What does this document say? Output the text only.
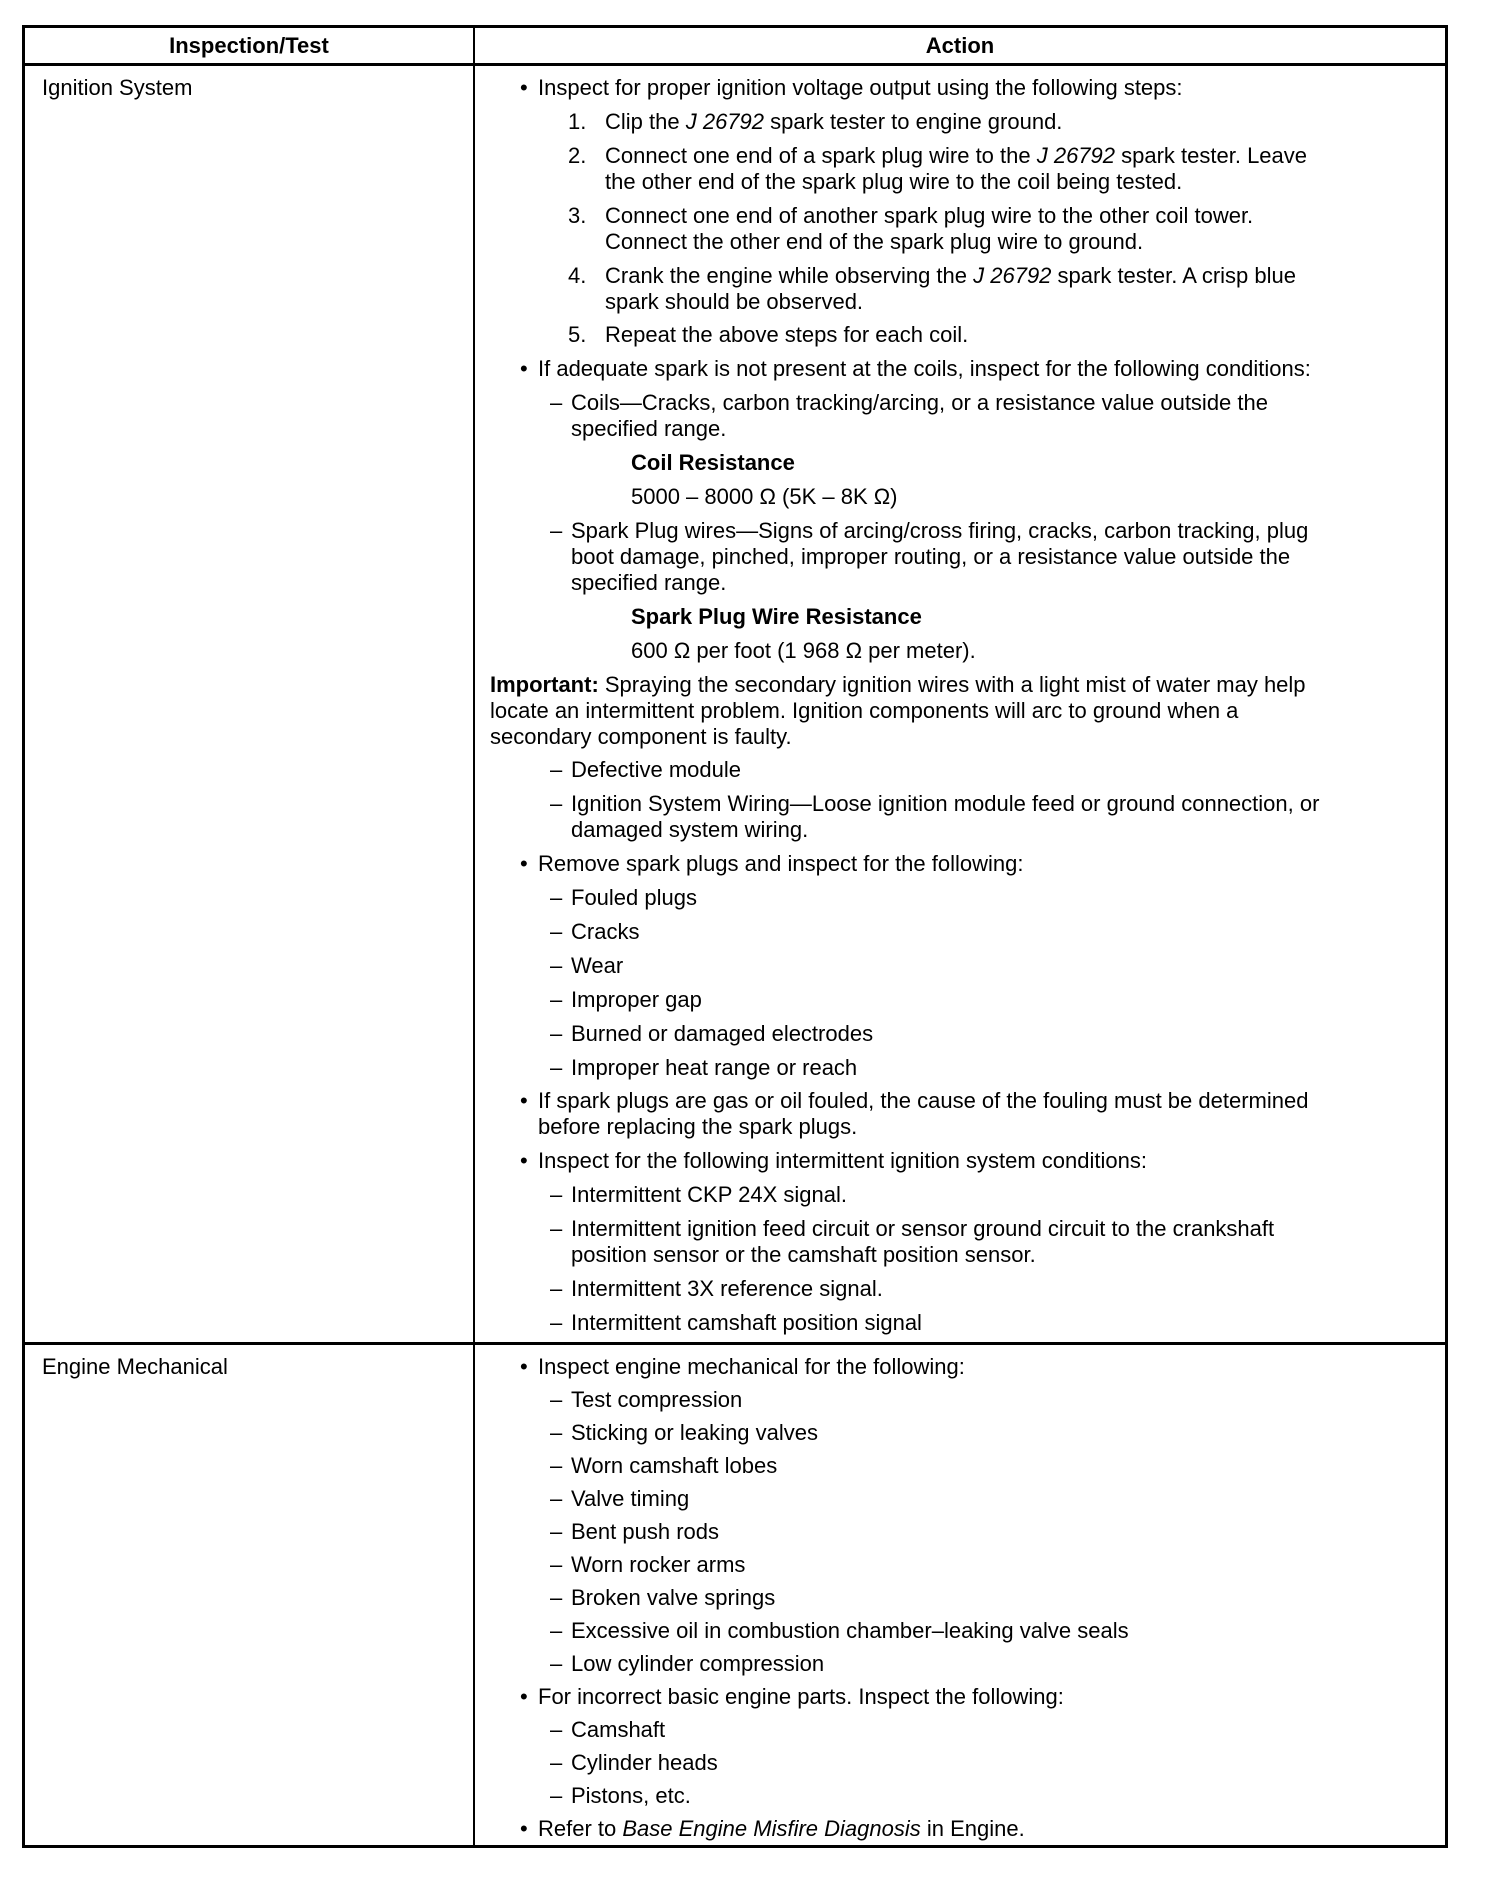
Inspection/Test	Action
Ignition System	• Inspect for proper ignition voltage output using the following steps:
1. Clip the J 26792 spark tester to engine ground.
2. Connect one end of a spark plug wire to the J 26792 spark tester. Leave
the other end of the spark plug wire to the coil being tested.
3. Connect one end of another spark plug wire to the other coil tower.
Connect the other end of the spark plug wire to ground.
4. Crank the engine while observing the J 26792 spark tester. A crisp blue
spark should be observed.
5. Repeat the above steps for each coil.
• If adequate spark is not present at the coils, inspect for the following conditions:
– Coils—Cracks, carbon tracking/arcing, or a resistance value outside the
specified range.
Coil Resistance
5000 – 8000 Ω (5K – 8K Ω)
– Spark Plug wires—Signs of arcing/cross firing, cracks, carbon tracking, plug
boot damage, pinched, improper routing, or a resistance value outside the
specified range.
Spark Plug Wire Resistance
600 Ω per foot (1 968 Ω per meter).
Important: Spraying the secondary ignition wires with a light mist of water may help
locate an intermittent problem. Ignition components will arc to ground when a
secondary component is faulty.
– Defective module
– Ignition System Wiring—Loose ignition module feed or ground connection, or
damaged system wiring.
• Remove spark plugs and inspect for the following:
– Fouled plugs
– Cracks
– Wear
– Improper gap
– Burned or damaged electrodes
– Improper heat range or reach
• If spark plugs are gas or oil fouled, the cause of the fouling must be determined
before replacing the spark plugs.
• Inspect for the following intermittent ignition system conditions:
– Intermittent CKP 24X signal.
– Intermittent ignition feed circuit or sensor ground circuit to the crankshaft
position sensor or the camshaft position sensor.
– Intermittent 3X reference signal.
– Intermittent camshaft position signal
Engine Mechanical	• Inspect engine mechanical for the following:
– Test compression
– Sticking or leaking valves
– Worn camshaft lobes
– Valve timing
– Bent push rods
– Worn rocker arms
– Broken valve springs
– Excessive oil in combustion chamber–leaking valve seals
– Low cylinder compression
• For incorrect basic engine parts. Inspect the following:
– Camshaft
– Cylinder heads
– Pistons, etc.
• Refer to Base Engine Misfire Diagnosis in Engine.
